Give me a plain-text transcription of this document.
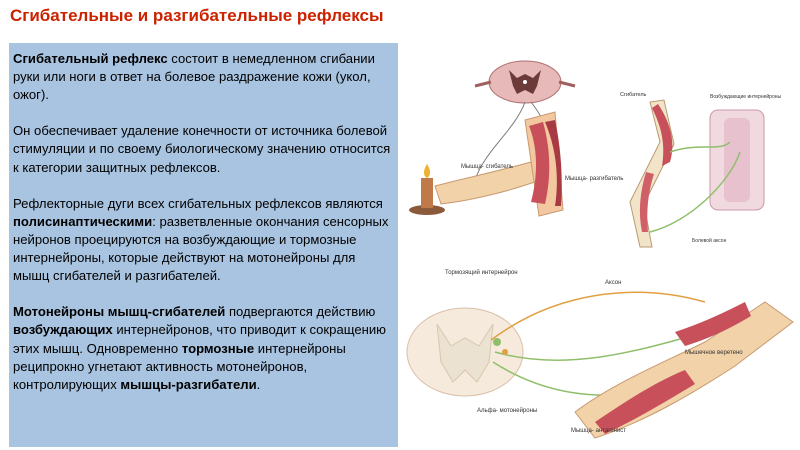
Сгибательные и разгибательные рефлексы

Сгибательный рефлекс состоит в немедленном сгибании руки или ноги в ответ на болевое раздражение кожи (укол, ожог).

Он обеспечивает удаление конечности от источника болевой стимуляции и по своему биологическому значению относится к категории защитных рефлексов.

Рефлекторные дуги всех сгибательных рефлексов являются полисинаптическими: разветвленные окончания сенсорных нейронов проецируются на возбуждающие и тормозные интернейроны, которые действуют на мотонейроны для мышц сгибателей и разгибателей.

Мотонейроны мышц-сгибателей подвергаются действию возбуждающих интернейронов, что приводит к сокращению этих мышц. Одновременно тормозные интернейроны реципрокно угнетают активность мотонейронов, контролирующих мышцы-разгибатели.

Мышца- сгибатель
Мышца- разгибатель
Сгибатель	Возбуждающие интернейроны
Болевой аксон
Тормозящий интернейрон
Аксон
Мышечное веретено
Альфа- мотонейроны
Мышца- антагонист
